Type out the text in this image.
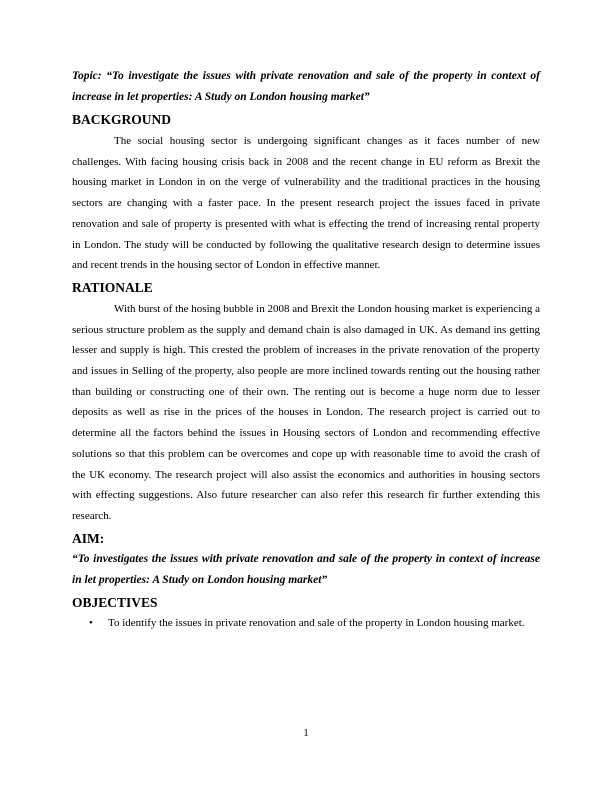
Topic: “To investigate the issues with private renovation and sale of the property in context of increase in let properties: A Study on London housing market”

BACKGROUND

The social housing sector is undergoing significant changes as it faces number of new challenges. With facing housing crisis back in 2008 and the recent change in EU reform as Brexit the housing market in London in on the verge of vulnerability and the traditional practices in the housing sectors are changing with a faster pace. In the present research project the issues faced in private renovation and sale of property is presented with what is effecting the trend of increasing rental property in London. The study will be conducted by following the qualitative research design to determine issues and recent trends in the housing sector of London in effective manner.

RATIONALE

With burst of the hosing bubble in 2008 and Brexit the London housing market is experiencing a serious structure problem as the supply and demand chain is also damaged in UK. As demand ins getting lesser and supply is high. This crested the problem of increases in the private renovation of the property and issues in Selling of the property, also people are more inclined towards renting out the housing rather than building or constructing one of their own. The renting out is become a huge norm due to lesser deposits as well as rise in the prices of the houses in London. The research project is carried out to determine all the factors behind the issues in Housing sectors of London and recommending effective solutions so that this problem can be overcomes and cope up with reasonable time to avoid the crash of the UK economy. The research project will also assist the economics and authorities in housing sectors with effecting suggestions. Also future researcher can also refer this research fir further extending this research.

AIM:

“To investigates the issues with private renovation and sale of the property in context of increase in let properties: A Study on London housing market”

OBJECTIVES
• To identify the issues in private renovation and sale of the property in London housing market.
1
